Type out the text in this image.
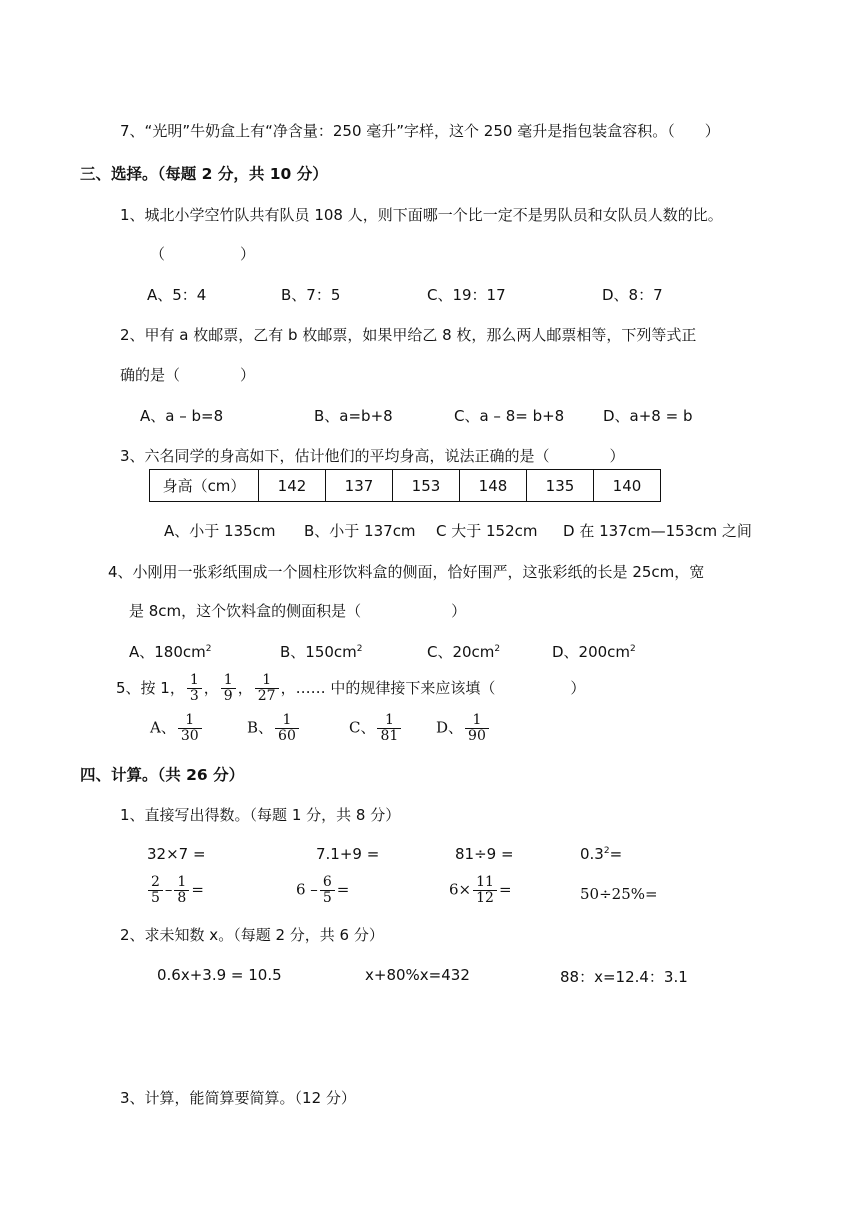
7、“光明”牛奶盒上有“净含量：250 毫升”字样，这个 250 毫升是指包装盒容积。（　　）
三、选择。（每题 2 分，共 10 分）
1、城北小学空竹队共有队员 108 人，则下面哪一个比一定不是男队员和女队员人数的比。
（　　　　　）
A、5：4	B、7：5	C、19：17	D、8：7
2、甲有 a 枚邮票，乙有 b 枚邮票，如果甲给乙 8 枚，那么两人邮票相等，下列等式正
确的是（　　　　）
A、a – b=8	B、a=b+8	C、a – 8= b+8	D、a+8 = b
3、六名同学的身高如下，估计他们的平均身高，说法正确的是（　　　　）
身高（cm）	142	137	153	148	135	140
A、小于 135cm B、小于 137cm C 大于 152cm D 在 137cm—153cm 之间
4、小刚用一张彩纸围成一个圆柱形饮料盒的侧面，恰好围严，这张彩纸的长是 25cm，宽
是 8cm，这个饮料盒的侧面积是（　　　　　　）
A、$180cm^2$	B、$150cm^2$	C、$20cm^2$	D、$200cm^2$
5、按 1， $\frac{1}{3}$ ， $\frac{1}{9}$ ， $\frac{1}{27}$ ，…… 中的规律接下来应该填（　　　　　）
A、 $\frac{1}{30}$	B、 $\frac{1}{60}$	C、 $\frac{1}{81}$ D、 $\frac{1}{90}$
四、计算。（共 26 分）
1、直接写出得数。（每题 1 分，共 8 分）
32×7 =	7.1+9 =	81÷9 =	$0.3^2=$
$\frac{2}{5} - \frac{1}{8}$ =	$6 - \frac{6}{5}$ =	$6\times \frac{11}{12}$ =	50÷25%=
2、求未知数 x。（每题 2 分，共 6 分）
0.6x+3.9 = 10.5	x+80%x=432	88：x=12.4：3.1
3、计算，能简算要简算。（12 分）
